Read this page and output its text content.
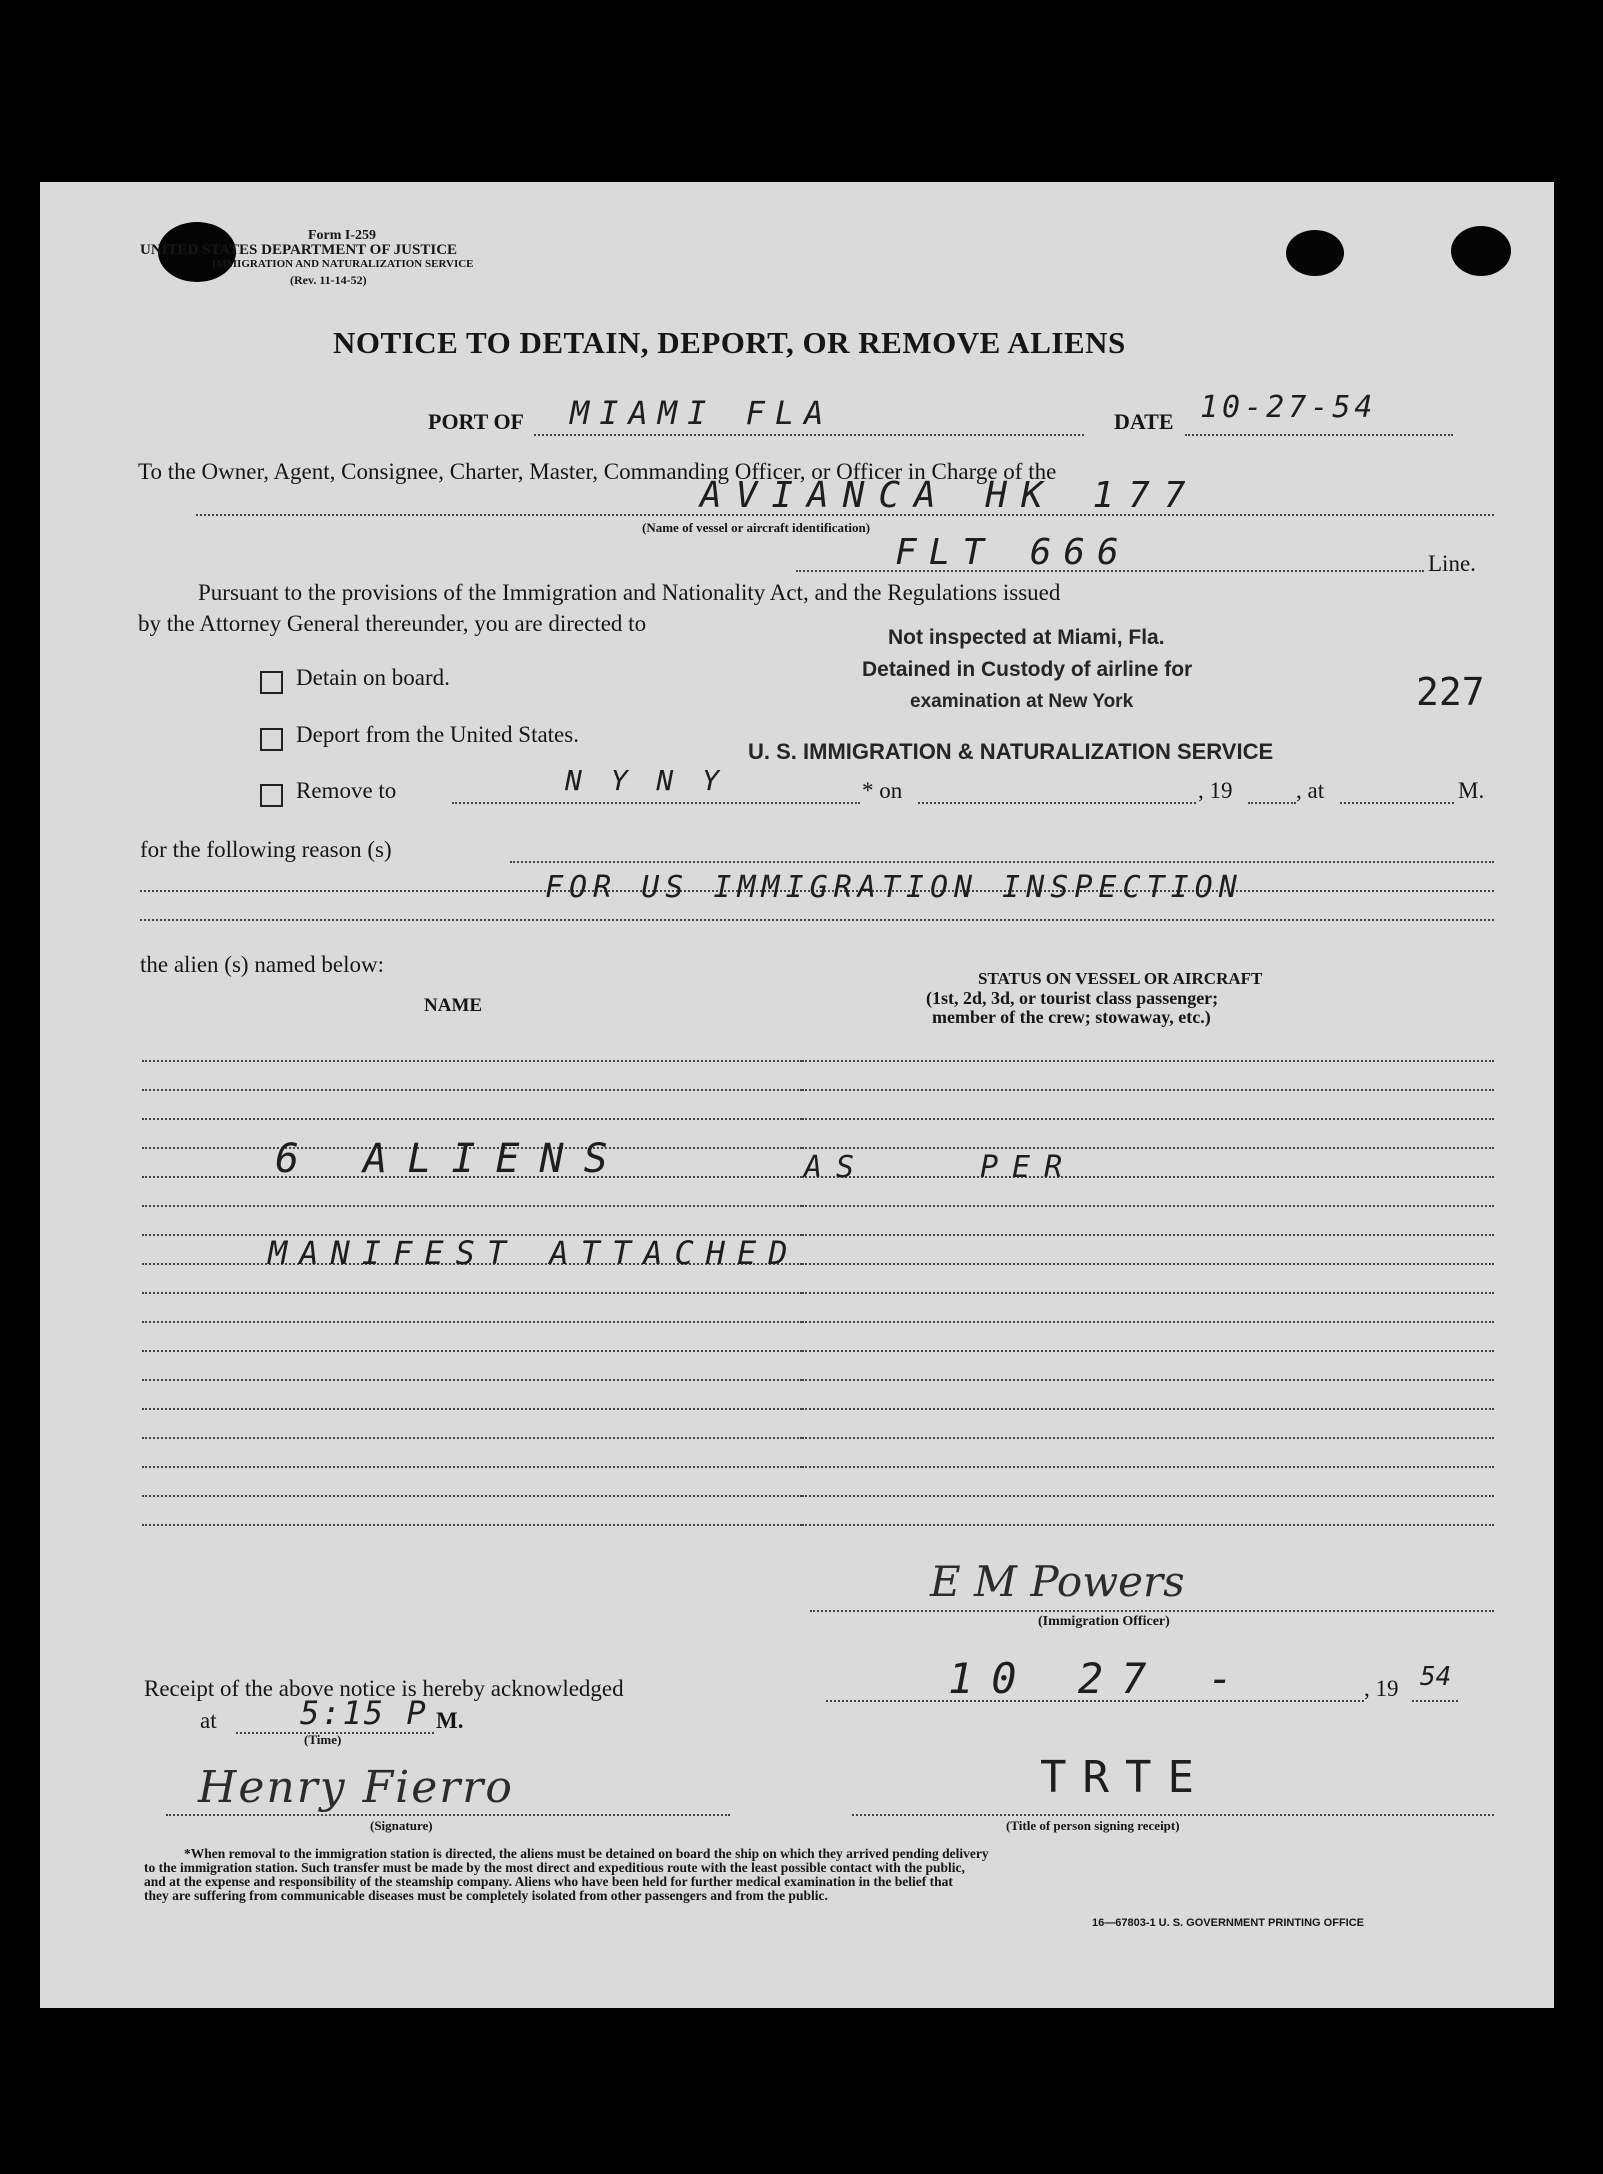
Form I-259
UNITED STATES DEPARTMENT OF JUSTICE
IMMIGRATION AND NATURALIZATION SERVICE
(Rev. 11-14-52)
NOTICE TO DETAIN, DEPORT, OR REMOVE ALIENS
PORT OF MIAMI FLA	DATE 10-27-54
To the Owner, Agent, Consignee, Charter, Master, Commanding Officer, or Officer in Charge of the
AVIANCA HK 177
(Name of vessel or aircraft identification)
FLT 666	Line.
Pursuant to the provisions of the Immigration and Nationality Act, and the Regulations issued
by the Attorney General thereunder, you are directed to
Not inspected at Miami, Fla.
Detained in Custody of airline for
examination at New York
U. S. IMMIGRATION & NATURALIZATION SERVICE
227
Detain on board.
Deport from the United States.
Remove to	N Y N Y	* on	, 19	, at	M.
for the following reason (s)
FOR US IMMIGRATION INSPECTION
the alien (s) named below:
NAME
STATUS ON VESSEL OR AIRCRAFT
(1st, 2d, 3d, or tourist class passenger;
member of the crew; stowaway, etc.)
6 ALIENS	AS	PER
MANIFEST ATTACHED
E M Powers
(Immigration Officer)
Receipt of the above notice is hereby acknowledged	10 27 -	, 19 54
at	5:15 P M.
(Time)
Henry Fierro
(Signature)
TRTE
(Title of person signing receipt)
*When removal to the immigration station is directed, the aliens must be detained on board the ship on which they arrived pending delivery
to the immigration station. Such transfer must be made by the most direct and expeditious route with the least possible contact with the public,
and at the expense and responsibility of the steamship company. Aliens who have been held for further medical examination in the belief that
they are suffering from communicable diseases must be completely isolated from other passengers and from the public.
16—67803-1 U. S. GOVERNMENT PRINTING OFFICE
